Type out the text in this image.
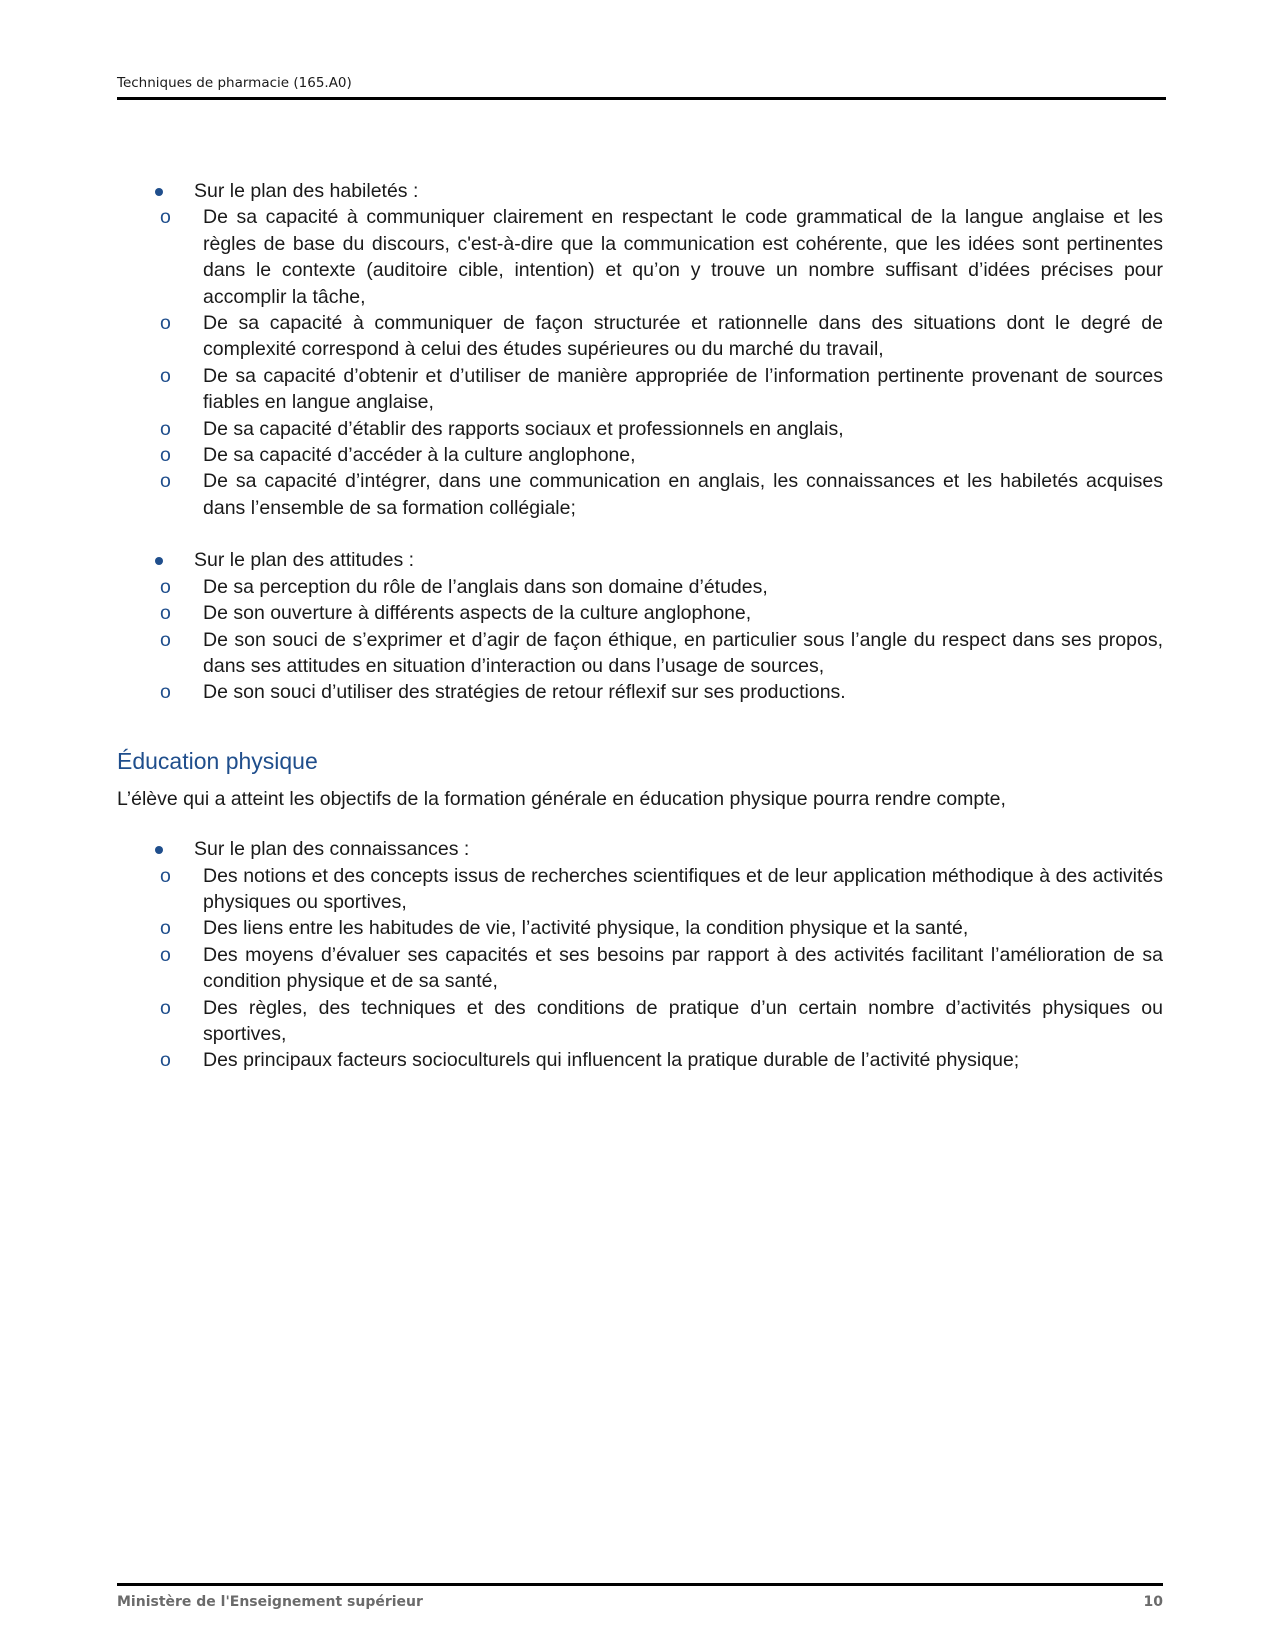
Techniques de pharmacie (165.A0)
Sur le plan des habiletés :
o De sa capacité à communiquer clairement en respectant le code grammatical de la langue anglaise et les règles de base du discours, c'est-à-dire que la communication est cohérente, que les idées sont pertinentes dans le contexte (auditoire cible, intention) et qu’on y trouve un nombre suffisant d’idées précises pour accomplir la tâche,
o De sa capacité à communiquer de façon structurée et rationnelle dans des situations dont le degré de complexité correspond à celui des études supérieures ou du marché du travail,
o De sa capacité d’obtenir et d’utiliser de manière appropriée de l’information pertinente provenant de sources fiables en langue anglaise,
o De sa capacité d’établir des rapports sociaux et professionnels en anglais,
o De sa capacité d’accéder à la culture anglophone,
o De sa capacité d’intégrer, dans une communication en anglais, les connaissances et les habiletés acquises dans l’ensemble de sa formation collégiale;
Sur le plan des attitudes :
o De sa perception du rôle de l’anglais dans son domaine d’études,
o De son ouverture à différents aspects de la culture anglophone,
o De son souci de s’exprimer et d’agir de façon éthique, en particulier sous l’angle du respect dans ses propos, dans ses attitudes en situation d’interaction ou dans l’usage de sources,
o De son souci d’utiliser des stratégies de retour réflexif sur ses productions.
Éducation physique

L’élève qui a atteint les objectifs de la formation générale en éducation physique pourra rendre compte,

Sur le plan des connaissances :
o Des notions et des concepts issus de recherches scientifiques et de leur application méthodique à des activités physiques ou sportives,
o Des liens entre les habitudes de vie, l’activité physique, la condition physique et la santé,
o Des moyens d’évaluer ses capacités et ses besoins par rapport à des activités facilitant l’amélioration de sa condition physique et de sa santé,
o Des règles, des techniques et des conditions de pratique d’un certain nombre d’activités physiques ou sportives,
o Des principaux facteurs socioculturels qui influencent la pratique durable de l’activité physique;
Ministère de l'Enseignement supérieur	10
